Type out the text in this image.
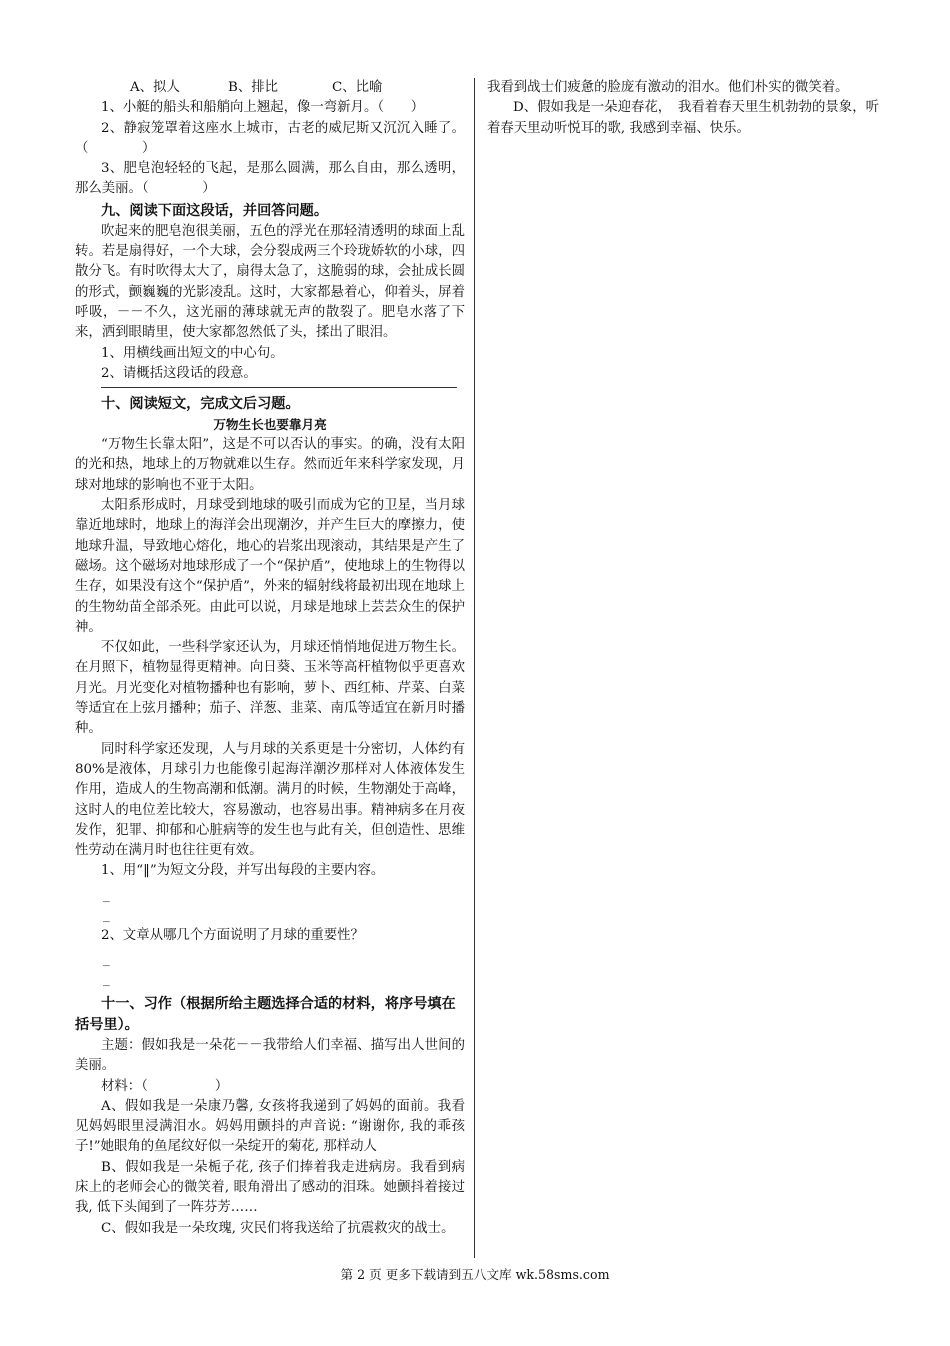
A、拟人	B、排比	C、比喻

1、小艇的船头和船艄向上翘起，像一弯新月。（　　）

2、静寂笼罩着这座水上城市，古老的威尼斯又沉沉入睡了。（　　　　）

3、肥皂泡轻轻的飞起，是那么圆满，那么自由，那么透明，那么美丽。（　　　　）

九、阅读下面这段话，并回答问题。

吹起来的肥皂泡很美丽，五色的浮光在那轻清透明的球面上乱转。若是扇得好，一个大球，会分裂成两三个玲珑娇软的小球，四散分飞。有时吹得太大了，扇得太急了，这脆弱的球，会扯成长圆的形式，颤巍巍的光影凌乱。这时，大家都悬着心，仰着头，屏着呼吸，－－不久，这光丽的薄球就无声的散裂了。肥皂水落了下来，洒到眼睛里，使大家都忽然低了头，揉出了眼泪。

1、用横线画出短文的中心句。

2、请概括这段话的段意。

十、阅读短文，完成文后习题。

万物生长也要靠月亮

“万物生长靠太阳”，这是不可以否认的事实。的确，没有太阳的光和热，地球上的万物就难以生存。然而近年来科学家发现，月球对地球的影响也不亚于太阳。

太阳系形成时，月球受到地球的吸引而成为它的卫星，当月球靠近地球时，地球上的海洋会出现潮汐，并产生巨大的摩擦力，使地球升温，导致地心熔化，地心的岩浆出现滚动，其结果是产生了磁场。这个磁场对地球形成了一个“保护盾”，使地球上的生物得以生存，如果没有这个“保护盾”，外来的辐射线将最初出现在地球上的生物幼苗全部杀死。由此可以说，月球是地球上芸芸众生的保护神。

不仅如此，一些科学家还认为，月球还悄悄地促进万物生长。在月照下，植物显得更精神。向日葵、玉米等高杆植物似乎更喜欢月光。月光变化对植物播种也有影响，萝卜、西红柿、芹菜、白菜等适宜在上弦月播种；茄子、洋葱、韭菜、南瓜等适宜在新月时播种。

同时科学家还发现，人与月球的关系更是十分密切，人体约有80%是液体，月球引力也能像引起海洋潮汐那样对人体液体发生作用，造成人的生物高潮和低潮。满月的时候，生物潮处于高峰，这时人的电位差比较大，容易激动，也容易出事。精神病多在月夜发作，犯罪、抑郁和心脏病等的发生也与此有关，但创造性、思维性劳动在满月时也往往更有效。

1、用“‖”为短文分段，并写出每段的主要内容。

_

_

2、文章从哪几个方面说明了月球的重要性？

_

_

十一、习作（根据所给主题选择合适的材料，将序号填在括号里）。

主题：假如我是一朵花－－我带给人们幸福、描写出人世间的美丽。

材料：（　　　　　）

A、假如我是一朵康乃馨, 女孩将我递到了妈妈的面前。我看见妈妈眼里浸满泪水。妈妈用颤抖的声音说: “谢谢你, 我的乖孩子!”她眼角的鱼尾纹好似一朵绽开的菊花, 那样动人

B、假如我是一朵栀子花, 孩子们捧着我走进病房。我看到病床上的老师会心的微笑着, 眼角滑出了感动的泪珠。她颤抖着接过我, 低下头闻到了一阵芬芳……

C、假如我是一朵玫瑰, 灾民们将我送给了抗震救灾的战士。

我看到战士们疲惫的脸庞有激动的泪水。他们朴实的微笑着。

D、假如我是一朵迎春花，　我看着春天里生机勃勃的景象，听着春天里动听悦耳的歌, 我感到幸福、快乐。

第 2 页 更多下载请到五八文库 wk.58sms.com
